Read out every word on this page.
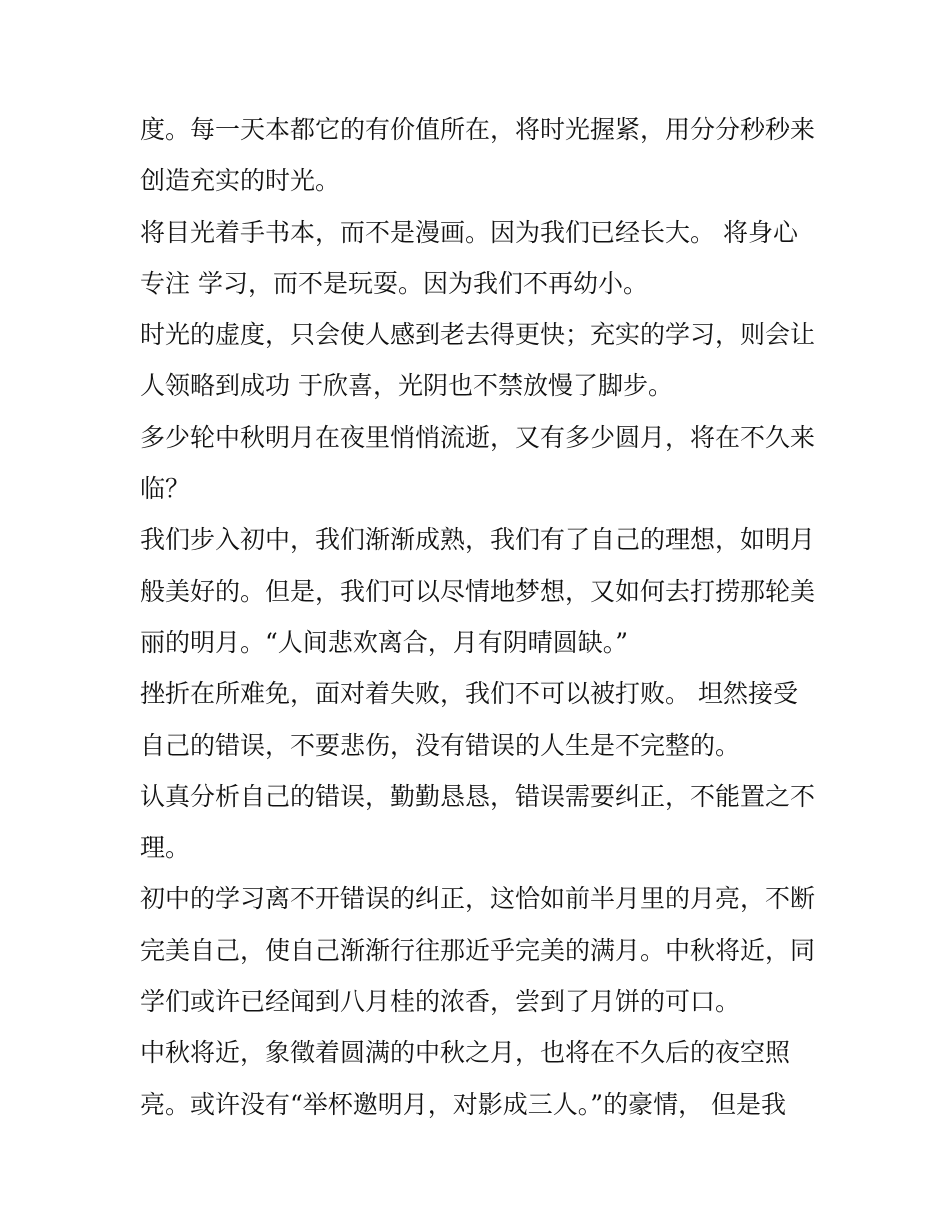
度。每一天本都它的有价值所在，将时光握紧，用分分秒秒来
创造充实的时光。
将目光着手书本，而不是漫画。因为我们已经长大。 将身心
专注 学习，而不是玩耍。因为我们不再幼小。
时光的虚度，只会使人感到老去得更快；充实的学习，则会让
人领略到成功 于欣喜，光阴也不禁放慢了脚步。
多少轮中秋明月在夜里悄悄流逝，又有多少圆月，将在不久来
临？
我们步入初中，我们渐渐成熟，我们有了自己的理想，如明月
般美好的。但是，我们可以尽情地梦想，又如何去打捞那轮美
丽的明月。“人间悲欢离合，月有阴晴圆缺。”
挫折在所难免，面对着失败，我们不可以被打败。 坦然接受
自己的错误，不要悲伤，没有错误的人生是不完整的。
认真分析自己的错误，勤勤恳恳，错误需要纠正，不能置之不
理。
初中的学习离不开错误的纠正，这恰如前半月里的月亮，不断
完美自己，使自己渐渐行往那近乎完美的满月。中秋将近，同
学们或许已经闻到八月桂的浓香，尝到了月饼的可口。
中秋将近，象徵着圆满的中秋之月，也将在不久后的夜空照
亮。或许没有“举杯邀明月，对影成三人。”的豪情， 但是我
